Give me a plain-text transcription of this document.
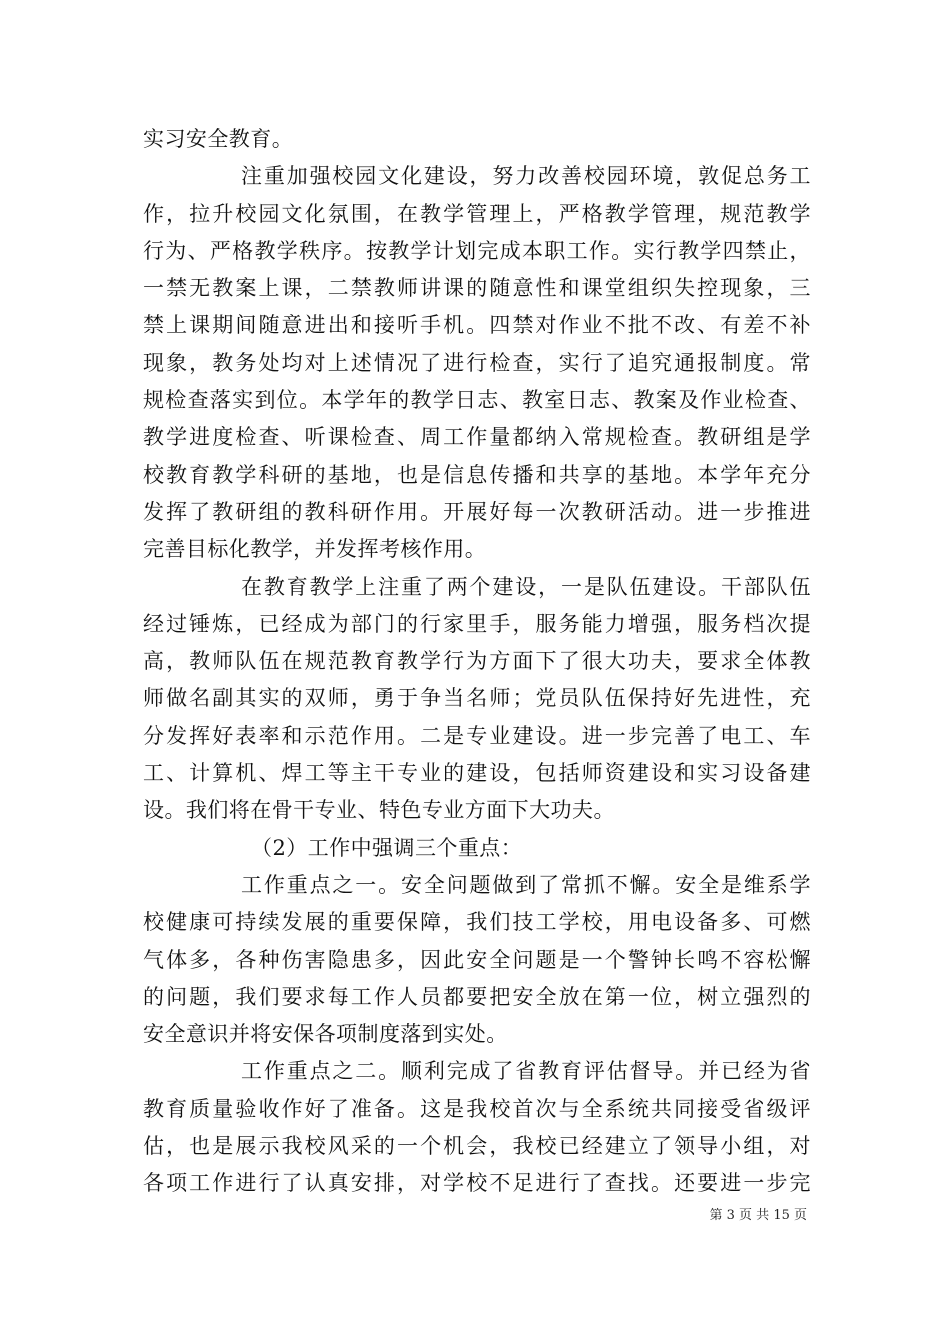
实习安全教育。
注重加强校园文化建设，努力改善校园环境，敦促总务工
作，拉升校园文化氛围，在教学管理上，严格教学管理，规范教学
行为、严格教学秩序。按教学计划完成本职工作。实行教学四禁止，
一禁无教案上课，二禁教师讲课的随意性和课堂组织失控现象，三
禁上课期间随意进出和接听手机。四禁对作业不批不改、有差不补
现象，教务处均对上述情况了进行检查，实行了追究通报制度。常
规检查落实到位。本学年的教学日志、教室日志、教案及作业检查、
教学进度检查、听课检查、周工作量都纳入常规检查。教研组是学
校教育教学科研的基地，也是信息传播和共享的基地。本学年充分
发挥了教研组的教科研作用。开展好每一次教研活动。进一步推进
完善目标化教学，并发挥考核作用。
在教育教学上注重了两个建设，一是队伍建设。干部队伍
经过锤炼，已经成为部门的行家里手，服务能力增强，服务档次提
高，教师队伍在规范教育教学行为方面下了很大功夫，要求全体教
师做名副其实的双师，勇于争当名师；党员队伍保持好先进性，充
分发挥好表率和示范作用。二是专业建设。进一步完善了电工、车
工、计算机、焊工等主干专业的建设，包括师资建设和实习设备建
设。我们将在骨干专业、特色专业方面下大功夫。
（2）工作中强调三个重点：
工作重点之一。安全问题做到了常抓不懈。安全是维系学
校健康可持续发展的重要保障，我们技工学校，用电设备多、可燃
气体多，各种伤害隐患多，因此安全问题是一个警钟长鸣不容松懈
的问题，我们要求每工作人员都要把安全放在第一位，树立强烈的
安全意识并将安保各项制度落到实处。
工作重点之二。顺利完成了省教育评估督导。并已经为省
教育质量验收作好了准备。这是我校首次与全系统共同接受省级评
估，也是展示我校风采的一个机会，我校已经建立了领导小组，对
各项工作进行了认真安排，对学校不足进行了查找。还要进一步完
第 3 页 共 15 页
